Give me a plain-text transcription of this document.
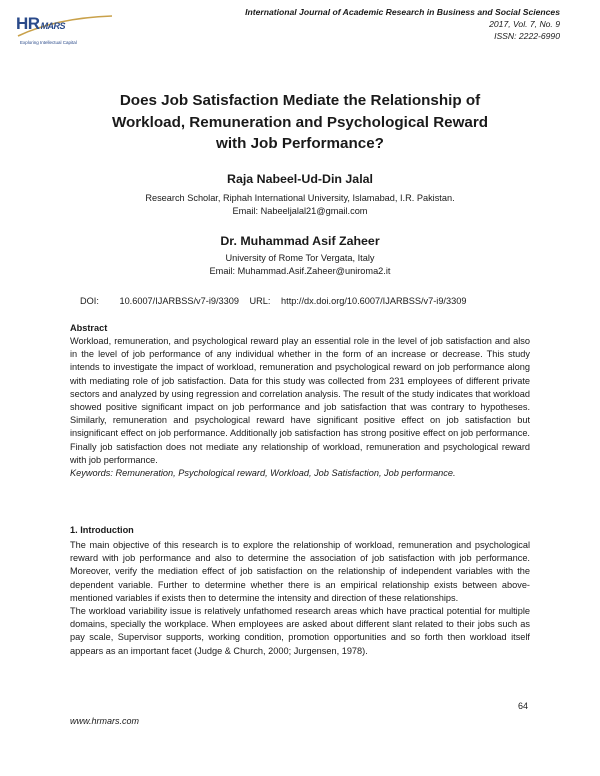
HRMARS
Exploring Intellectual Capital
International Journal of Academic Research in Business and Social Sciences
2017, Vol. 7, No. 9
ISSN: 2222-6990
Does Job Satisfaction Mediate the Relationship of
Workload, Remuneration and Psychological Reward
with Job Performance?
Raja Nabeel-Ud-Din Jalal
Research Scholar, Riphah International University, Islamabad, I.R. Pakistan.
Email: Nabeeljalal21@gmail.com
Dr. Muhammad Asif Zaheer
University of Rome Tor Vergata, Italy
Email: Muhammad.Asif.Zaheer@uniroma2.it
DOI: 10.6007/IJARBSS/v7-i9/3309 URL: http://dx.doi.org/10.6007/IJARBSS/v7-i9/3309
Abstract
Workload, remuneration, and psychological reward play an essential role in the level of job satisfaction and also in the level of job performance of any individual whether in the form of an increase or decrease. This study intends to investigate the impact of workload, remuneration and psychological reward on job performance along with mediating role of job satisfaction. Data for this study was collected from 231 employees of different private sectors and analyzed by using regression and correlation analysis. The result of the study indicates that workload showed positive significant impact on job performance and job satisfaction that was contrary to hypotheses. Similarly, remuneration and psychological reward have significant positive effect on job satisfaction but insignificant effect on job performance. Additionally job satisfaction has strong positive effect on job performance. Finally job satisfaction does not mediate any relationship of workload, remuneration and psychological reward with job performance.
Keywords: Remuneration, Psychological reward, Workload, Job Satisfaction, Job performance.
1. Introduction
The main objective of this research is to explore the relationship of workload, remuneration and psychological reward with job performance and also to determine the association of job satisfaction with job performance. Moreover, verify the mediation effect of job satisfaction on the relationship of independent variables with the dependent variable. Further to determine whether there is an empirical relationship exists between above-mentioned variables if exists then to determine the intensity and direction of these relationships.
The workload variability issue is relatively unfathomed research areas which have practical potential for multiple domains, specially the workplace. When employees are asked about different slant related to their jobs such as pay scale, Supervisor supports, working condition, promotion opportunities and so forth then workload itself appears as an important facet (Judge & Church, 2000; Jurgensen, 1978).
64
www.hrmars.com
